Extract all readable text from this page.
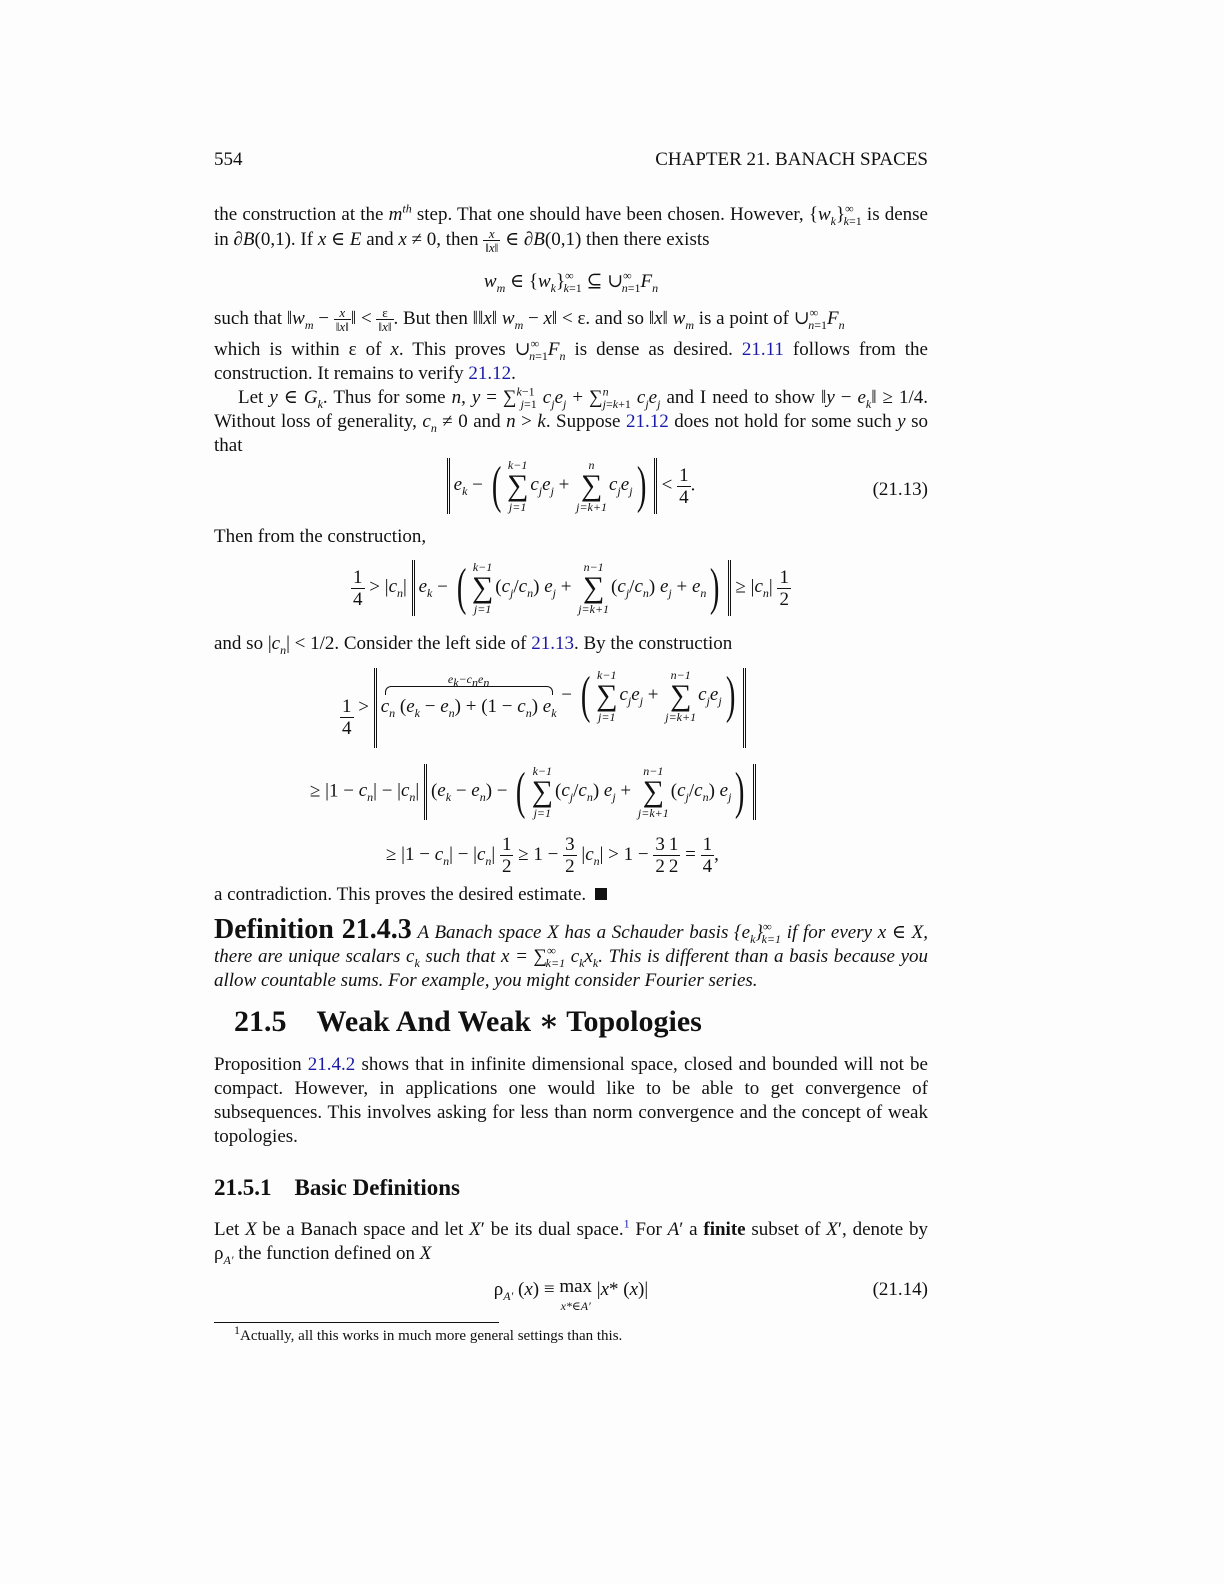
554	CHAPTER 21. BANACH SPACES
the construction at the $m^{th}$ step. That one should have been chosen. However, $\{w_k\}^\infty_{k=1}$ is dense in ∂B(0,1). If x ∈ E and x ≠ 0, then $\frac{x}{‖x‖}$ ∈ ∂B(0,1) then there exists
$w_m$ ∈ $\{w_k\}^\infty_{k=1}$ ⊆ $\cup^\infty_{n=1}F_n$
such that $‖w_m - \frac{x}{‖x‖}$ ‖ < $\frac{\varepsilon}{‖x‖}$ . But then ‖‖x‖ $w_m$ − x‖ < ε. and so ‖x‖ $w_m$ is a point of $\cup^\infty_{n=1}F_n$
which is within ε of x. This proves $\cup^\infty_{n=1}F_n$ is dense as desired. 21.11 follows from the construction. It remains to verify 21.12.
Let y ∈ $G_k$. Thus for some n, y = ∑$^{k-1}_{j=1}$ $c_je_j + \sum^n_{j=k+1}$ $c_je_j$ and I need to show ‖y − $e_k‖ \ge 1/4$. Without loss of generality, $c_n \ne 0$ and n > k. Suppose 21.12 does not hold for some such y so that
$e_k$ − ( k−1
∑
j=1
$c_je_j$ +
n
∑
j=k+1
$c_je_j) < \frac{1}{4}$ .	(21.13)
Then from the construction,
$\frac{1}{4} > |c_n|$ $e_k$ − ( k−1
∑
j=1
$(c_j/c_n) e_j$ +
n−1
∑
j=k+1
$(c_j/c_n) e_j + e_n) \ge |c_n| \frac{1}{2}$
and so $|c_n| < 1/2$. Consider the left side of 21.13. By the construction
$\frac{1}{4}$ >
$e_k-c_ne_n$
$c_n$ $(e_k - e_n) + (1 - c_n) e_k$ − ( k−1
∑
j=1
$c_je_j$ +
n−1
∑
j=k+1
$c_je_j$)
≥ $|1 - c_n| - |c_n|$ $(e_k - e_n)$ − ( k−1
∑
j=1
$(c_j/c_n) e_j$ +
n−1
∑
j=k+1
$(c_j/c_n)$ $e_j$)
≥ $|1 - c_n| - |c_n| \frac{1}{2} \ge 1 - \frac{3}{2} |c_n| > 1 - \frac{3}{2} \frac{1}{2} = \frac{1}{4}$ ,
a contradiction. This proves the desired estimate.
Definition 21.4.3 A Banach space X has a Schauder basis $\{e_k\}^\infty_{k=1}$ if for every x ∈ X, there are unique scalars $c_k$ such that $x = \sum^\infty_{k=1}$ $c_kx_k$. This is different than a basis because you allow countable sums. For example, you might consider Fourier series.
21.5 Weak And Weak ∗ Topologies
Proposition 21.4.2 shows that in infinite dimensional space, closed and bounded will not be compact. However, in applications one would like to be able to get convergence of subsequences. This involves asking for less than norm convergence and the concept of weak topologies.
21.5.1 Basic Definitions
Let X be a Banach space and let X′ be its dual space.$^1$ For A′ a finite subset of X′, denote by $\rho_{A'}$ the function defined on X
$\rho_{A'}$ (x) ≡ max
x*∈A′ |x* (x)|	(21.14)
$^1$Actually, all this works in much more general settings than this.
